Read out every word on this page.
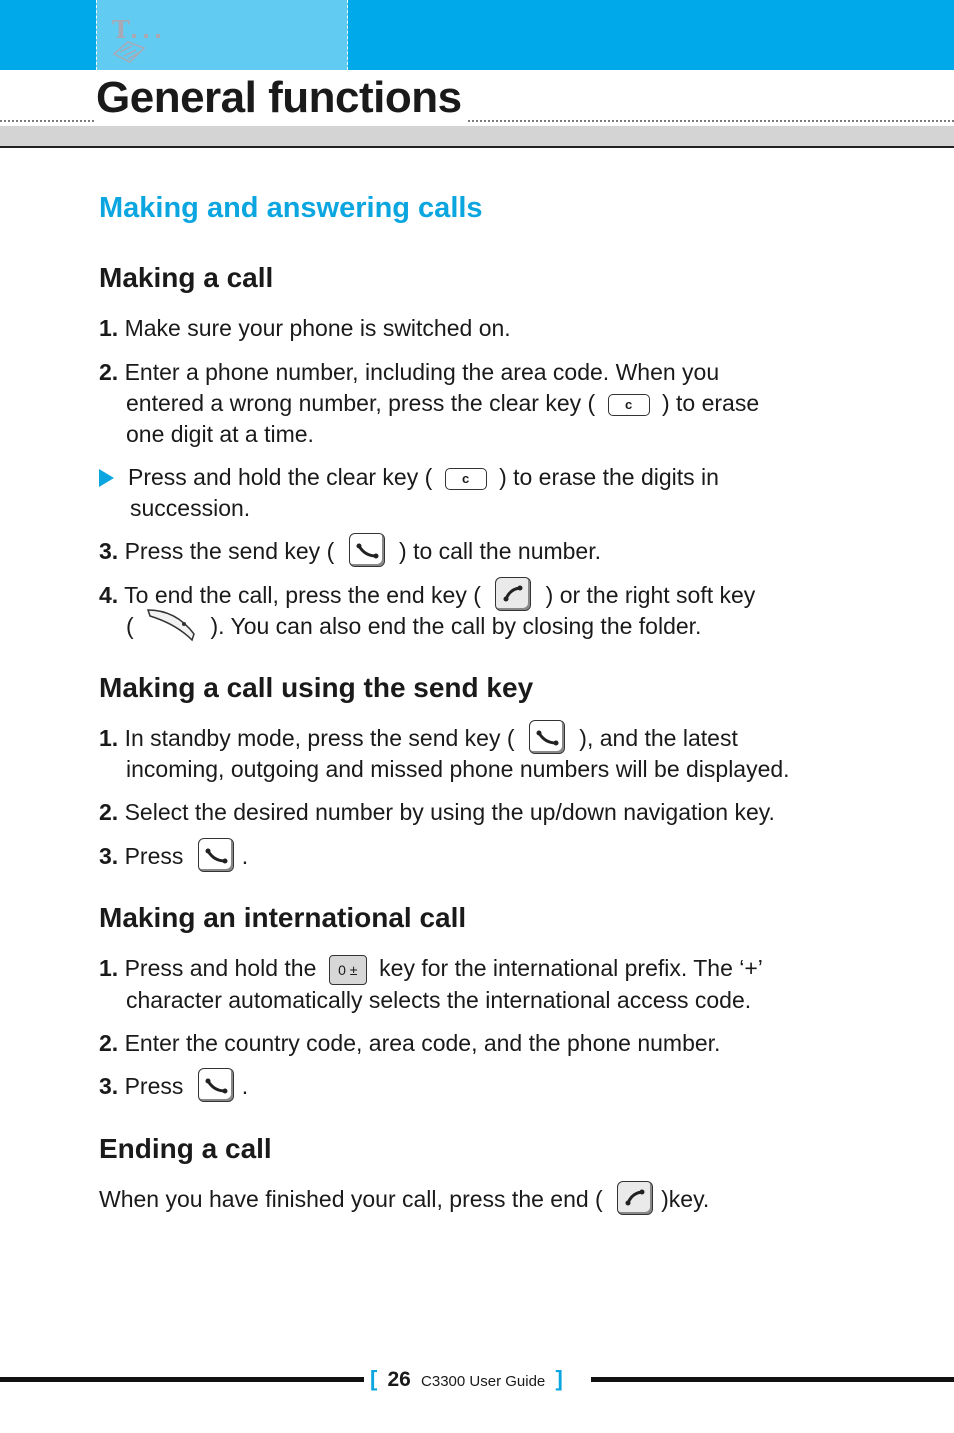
T
General functions
Making and answering calls
Making a call

1. Make sure your phone is switched on.

2. Enter a phone number, including the area code. When you
entered a wrong number, press the clear key ( c ) to erase
one digit at a time.

Press and hold the clear key ( c ) to erase the digits in
succession.

3. Press the send key (	) to call the number.

4. To end the call, press the end key (	) or the right soft key
(	). You can also end the call by closing the folder.

Making a call using the send key

1. In standby mode, press the send key (	), and the latest
incoming, outgoing and missed phone numbers will be displayed.

2. Select the desired number by using the up/down navigation key.

3. Press	.

Making an international call

1. Press and hold the 0 ± key for the international prefix. The ‘+’
character automatically selects the international access code.

2. Enter the country code, area code, and the phone number.

3. Press	.

Ending a call

When you have finished your call, press the end (	)key.

[ 26 C3300 User Guide ]
